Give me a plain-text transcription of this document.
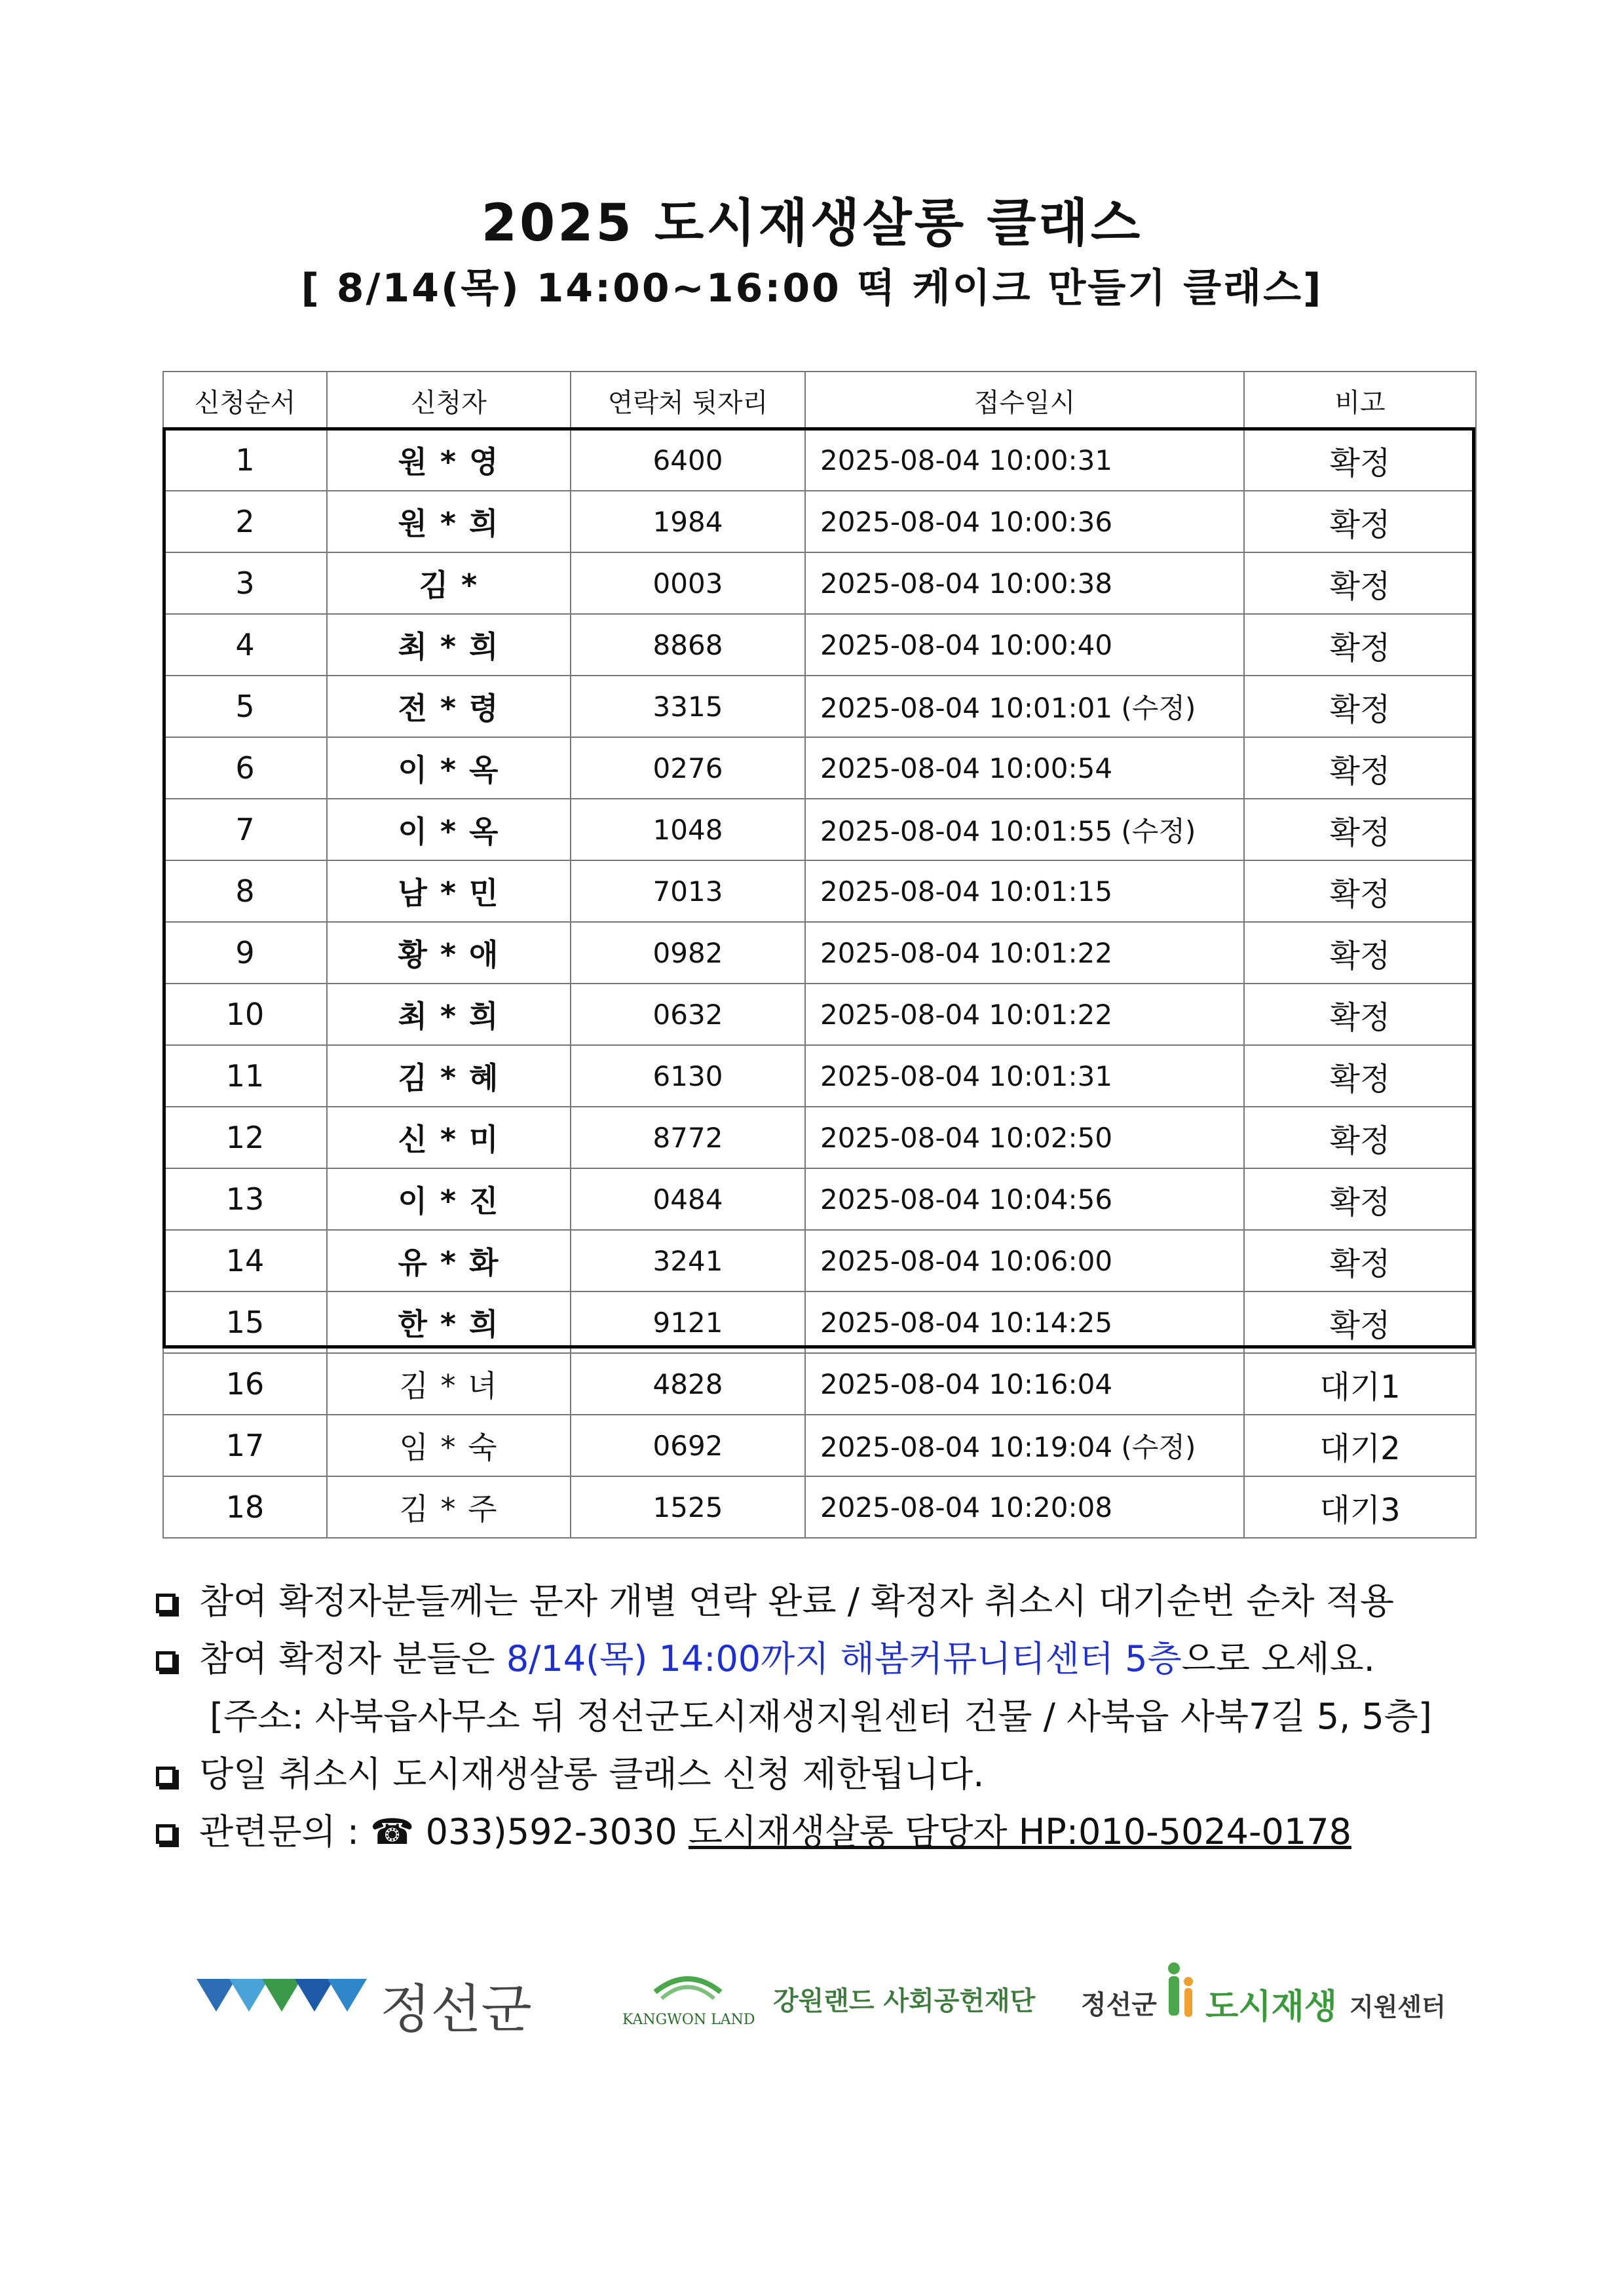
2025 도시재생살롱 클래스
[ 8/14(목) 14:00~16:00 떡 케이크 만들기 클래스]
신청순서	신청자	연락처 뒷자리	접수일시	비고
1	원 * 영	6400	2025-08-04 10:00:31	확정
2	원 * 희	1984	2025-08-04 10:00:36	확정
3	김 *	0003	2025-08-04 10:00:38	확정
4	최 * 희	8868	2025-08-04 10:00:40	확정
5	전 * 령	3315	2025-08-04 10:01:01 (수정)	확정
6	이 * 옥	0276	2025-08-04 10:00:54	확정
7	이 * 옥	1048	2025-08-04 10:01:55 (수정)	확정
8	남 * 민	7013	2025-08-04 10:01:15	확정
9	황 * 애	0982	2025-08-04 10:01:22	확정
10	최 * 희	0632	2025-08-04 10:01:22	확정
11	김 * 혜	6130	2025-08-04 10:01:31	확정
12	신 * 미	8772	2025-08-04 10:02:50	확정
13	이 * 진	0484	2025-08-04 10:04:56	확정
14	유 * 화	3241	2025-08-04 10:06:00	확정
15	한 * 희	9121	2025-08-04 10:14:25	확정
16	김 * 녀	4828	2025-08-04 10:16:04	대기1
17	임 * 숙	0692	2025-08-04 10:19:04 (수정)	대기2
18	김 * 주	1525	2025-08-04 10:20:08	대기3
참여 확정자분들께는 문자 개별 연락 완료 / 확정자 취소시 대기순번 순차 적용
참여 확정자 분들은 8/14(목) 14:00까지 해봄커뮤니티센터 5층으로 오세요.
[주소: 사북읍사무소 뒤 정선군도시재생지원센터 건물 / 사북읍 사북7길 5, 5층]
당일 취소시 도시재생살롱 클래스 신청 제한됩니다.
관련문의 : ☎ 033)592-3030 도시재생살롱 담당자 HP:010-5024-0178
정선군	KANGWON LAND
강원랜드 사회공헌재단 정선군 도시재생 지원센터
